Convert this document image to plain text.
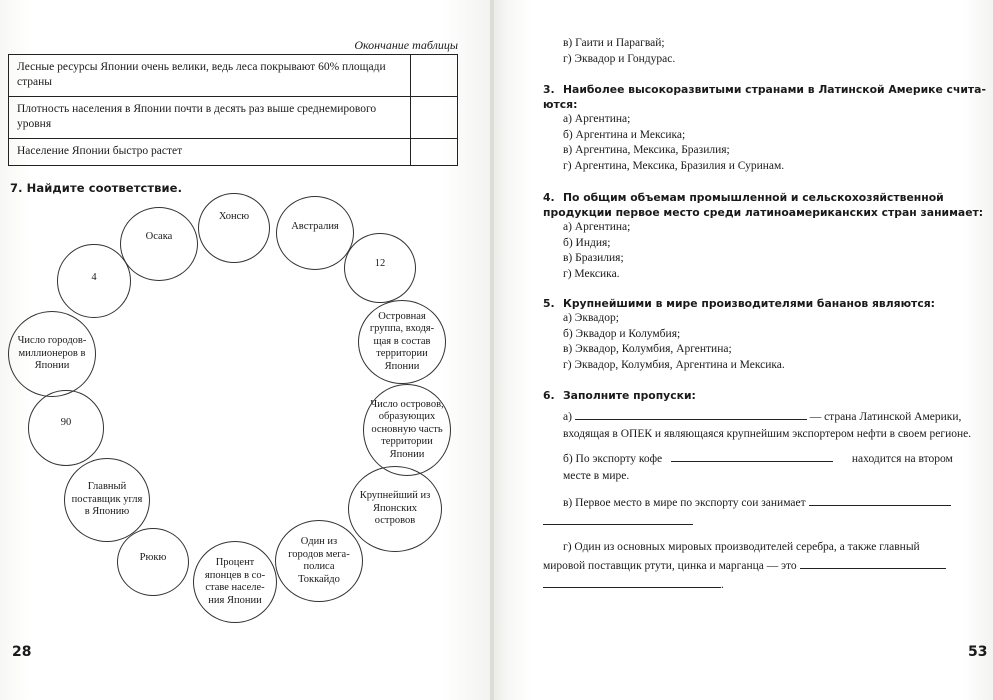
Окончание таблицы
Лесные ресурсы Японии очень велики, ведь леса покрывают 60% площади страны	
Плотность населения в Японии почти в десять раз выше среднемирового уровня	
Население Японии быстро растет	
7. Найдите соответствие.
Хонсю
Австралия
Осака
12
4
Островная группа, входящая в состав территории Японии
Число городов-миллионеров в Японии
Число островов, образующих основную часть территории Японии
90
Крупнейший из Японских островов
Главный поставщик угля в Японию
Один из городов мегаполиса Токкайдо
Рюкю	Процент японцев в составе населения Японии
28
в) Гаити и Парагвай;
г) Эквадор и Гондурас.
3. Наиболее высокоразвитыми странами в Латинской Америке считаются:
а) Аргентина;
б) Аргентина и Мексика;
в) Аргентина, Мексика, Бразилия;
г) Аргентина, Мексика, Бразилия и Суринам.
4. По общим объемам промышленной и сельскохозяйственной продукции первое место среди латиноамериканских стран занимает:
а) Аргентина;
б) Индия;
в) Бразилия;
г) Мексика.
5. Крупнейшими в мире производителями бананов являются:
а) Эквадор;
б) Эквадор и Колумбия;
в) Эквадор, Колумбия, Аргентина;
г) Эквадор, Колумбия, Аргентина и Мексика.
6. Заполните пропуски:
а)	— страна Латинской Америки,
входящая в ОПЕК и являющаяся крупнейшим экспортером нефти в своем регионе.
б) По экспорту кофе	находится на втором
месте в мире.
в) Первое место в мире по экспорту сои занимает
г) Один из основных мировых производителей серебра, а также главный
мировой поставщик ртути, цинка и марганца — это
.
53
